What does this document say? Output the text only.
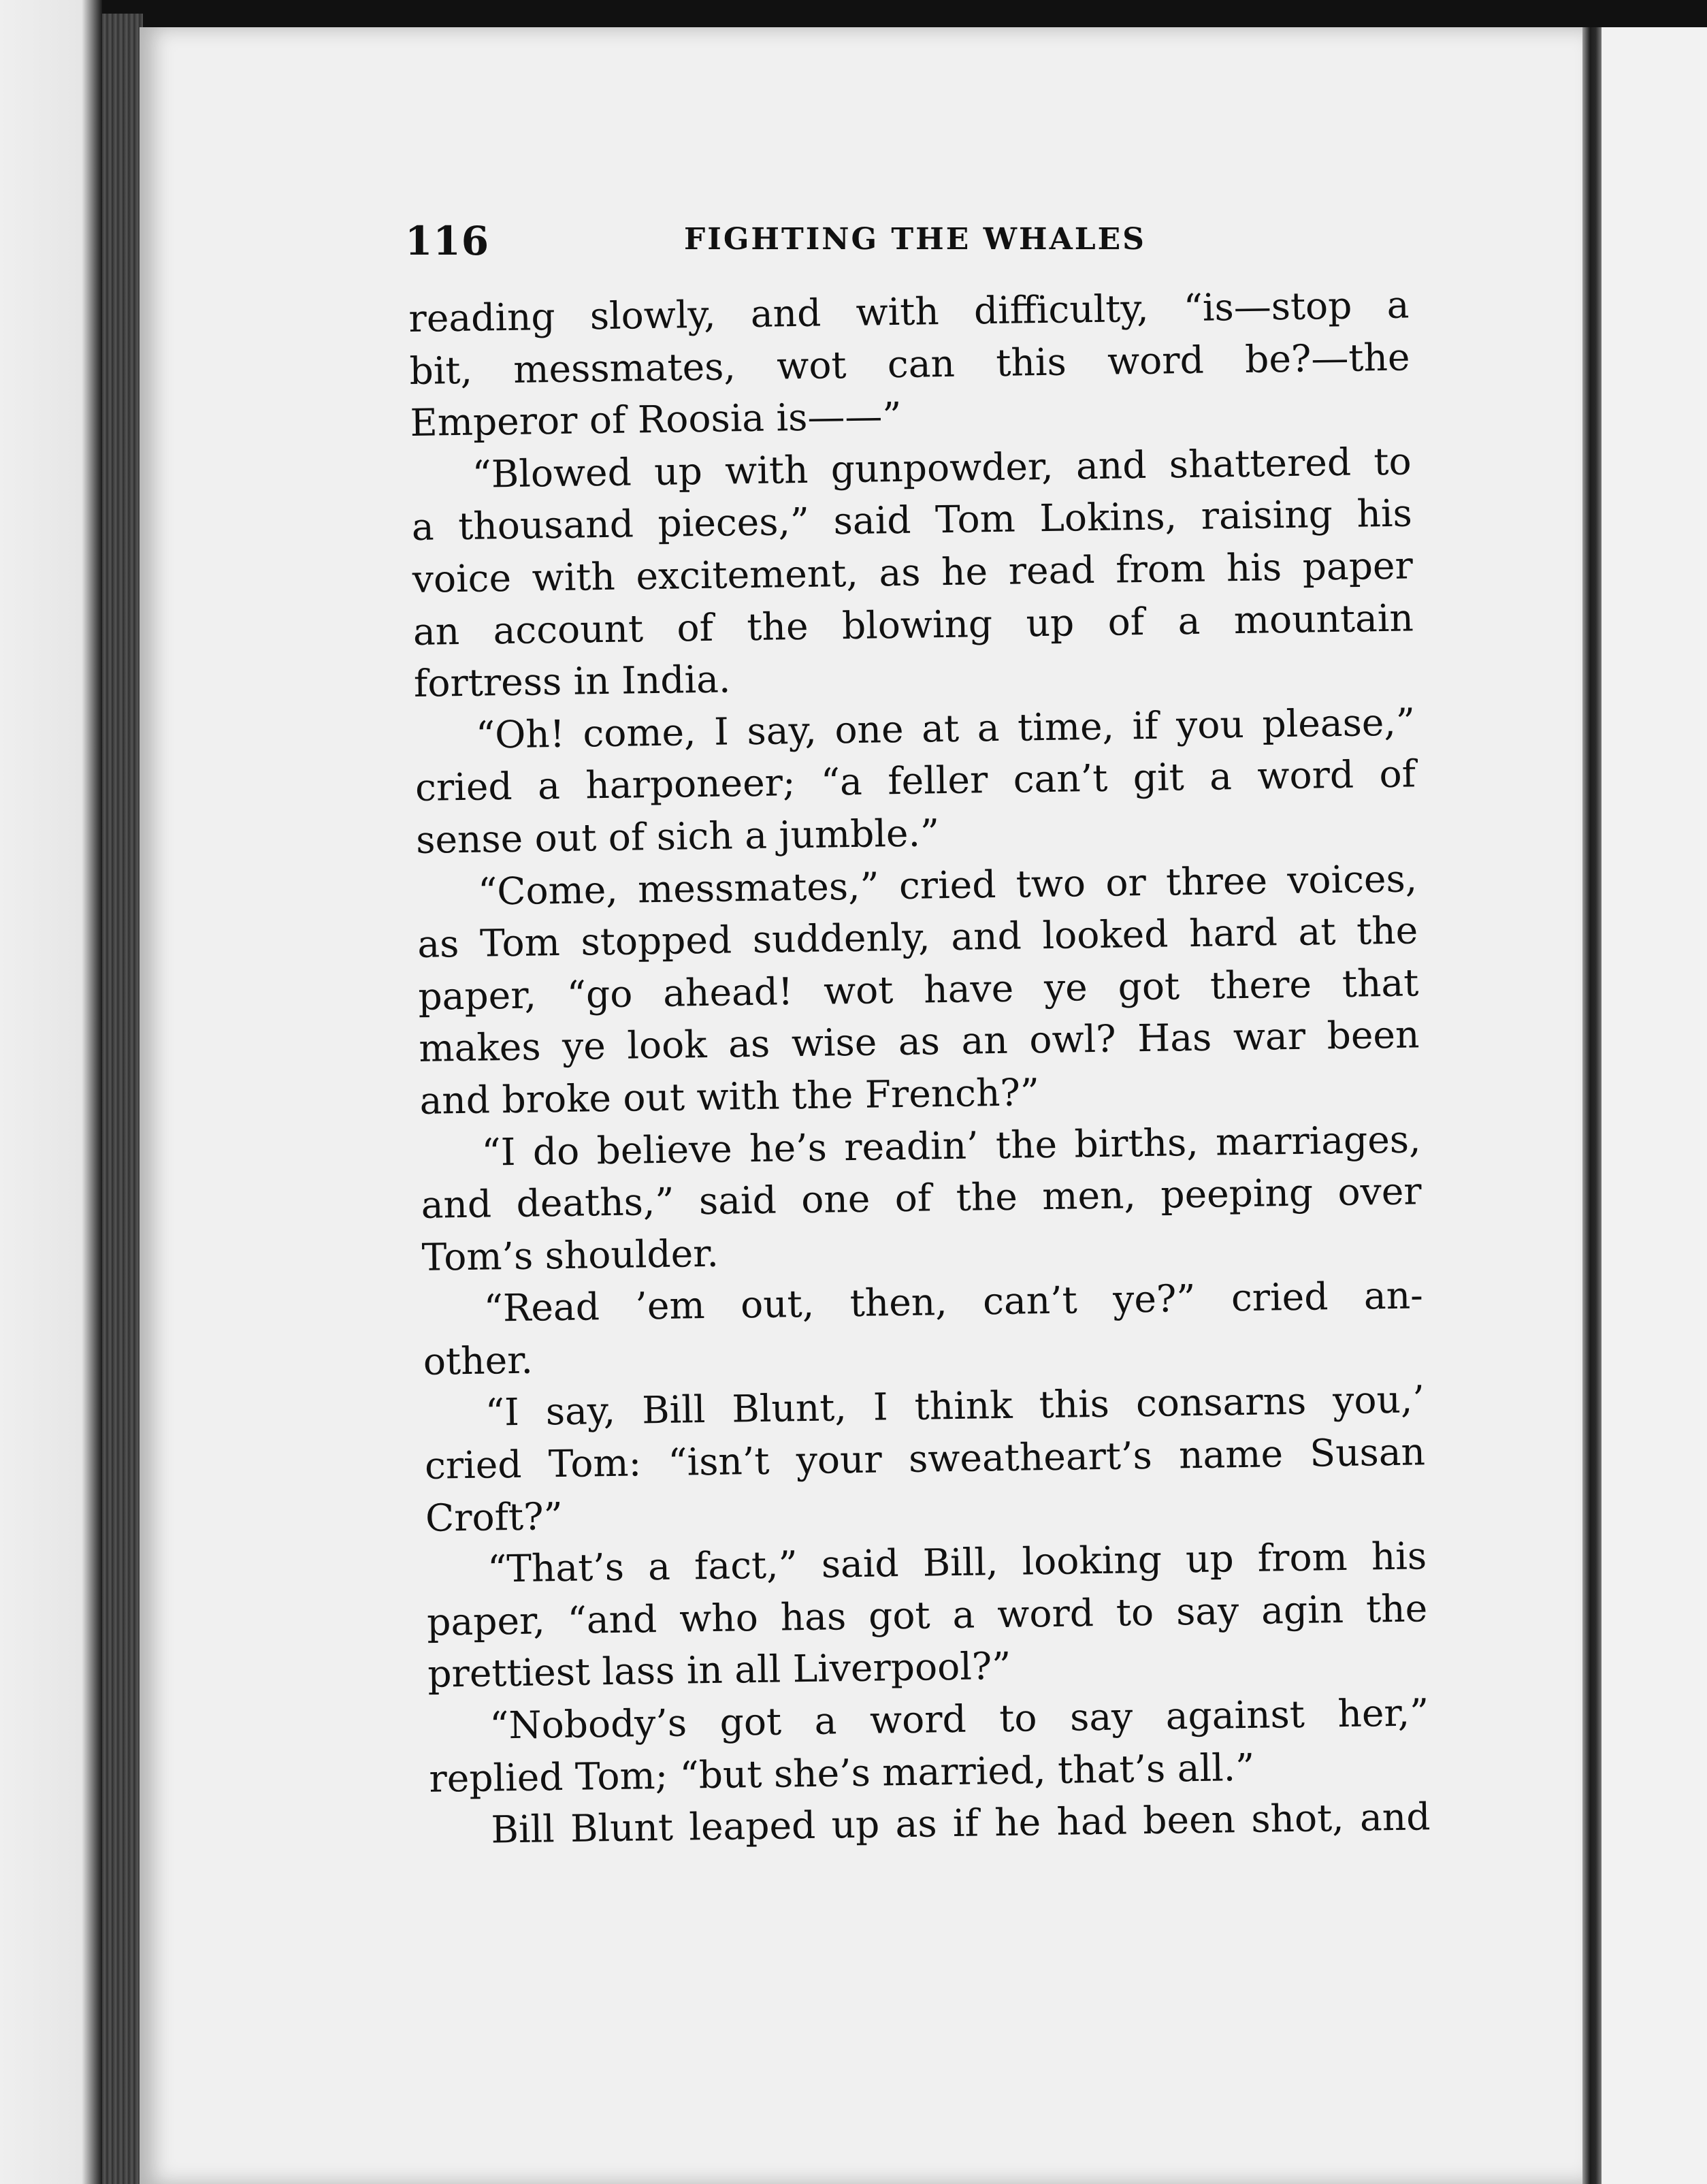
116	FIGHTING THE WHALES
reading slowly, and with difficulty, “is—stop a
bit, messmates, wot can this word be?—the
Emperor of Roosia is——”
“Blowed up with gunpowder, and shattered to
a thousand pieces,” said Tom Lokins, raising his
voice with excitement, as he read from his paper
an account of the blowing up of a mountain
fortress in India.
“Oh! come, I say, one at a time, if you please,”
cried a harponeer; “a feller can’t git a word of
sense out of sich a jumble.”
“Come, messmates,” cried two or three voices,
as Tom stopped suddenly, and looked hard at the
paper, “go ahead! wot have ye got there that
makes ye look as wise as an owl? Has war been
and broke out with the French?”
“I do believe he’s readin’ the births, marriages,
and deaths,” said one of the men, peeping over
Tom’s shoulder.
“Read ’em out, then, can’t ye?” cried an-
other.
“I say, Bill Blunt, I think this consarns you,’
cried Tom: “isn’t your sweatheart’s name Susan
Croft?”
“That’s a fact,” said Bill, looking up from his
paper, “and who has got a word to say agin the
prettiest lass in all Liverpool?”
“Nobody’s got a word to say against her,”
replied Tom; “but she’s married, that’s all.”
Bill Blunt leaped up as if he had been shot, and
